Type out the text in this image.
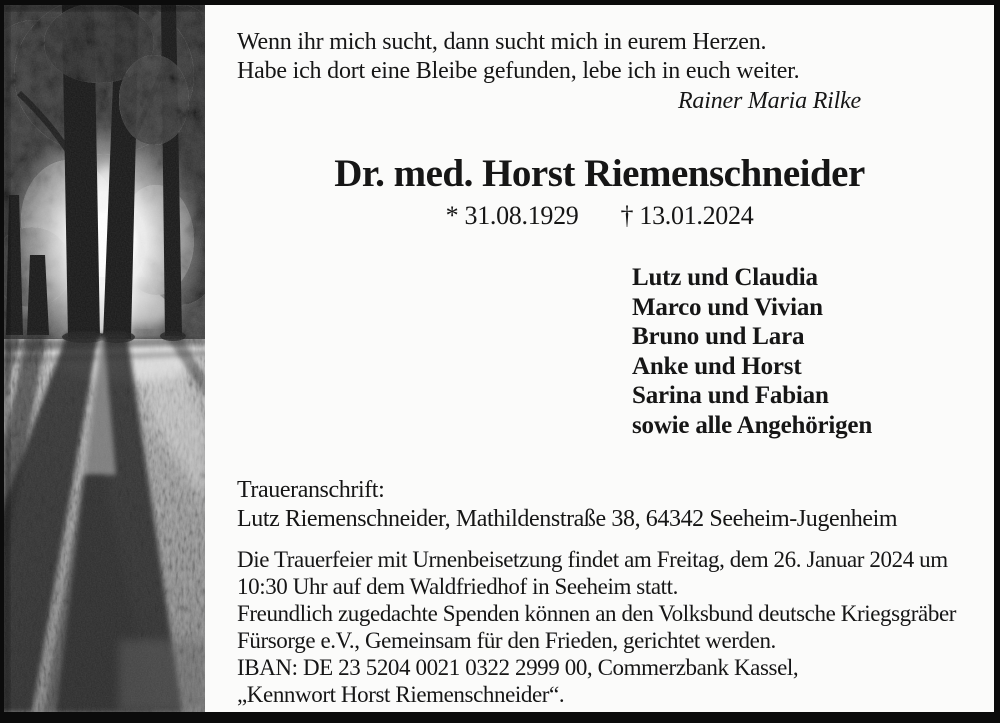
Wenn ihr mich sucht, dann sucht mich in eurem Herzen.
Habe ich dort eine Bleibe gefunden, lebe ich in euch weiter.
Rainer Maria Rilke
Dr. med. Horst Riemenschneider
* 31.08.1929 † 13.01.2024
Lutz und Claudia
Marco und Vivian
Bruno und Lara
Anke und Horst
Sarina und Fabian
sowie alle Angehörigen
Traueranschrift:
Lutz Riemenschneider, Mathildenstraße 38, 64342 Seeheim-Jugenheim
Die Trauerfeier mit Urnenbeisetzung findet am Freitag, dem 26. Januar 2024 um
10:30 Uhr auf dem Waldfriedhof in Seeheim statt.
Freundlich zugedachte Spenden können an den Volksbund deutsche Kriegsgräber
Fürsorge e.V., Gemeinsam für den Frieden, gerichtet werden.
IBAN: DE 23 5204 0021 0322 2999 00, Commerzbank Kassel,
„Kennwort Horst Riemenschneider“.
